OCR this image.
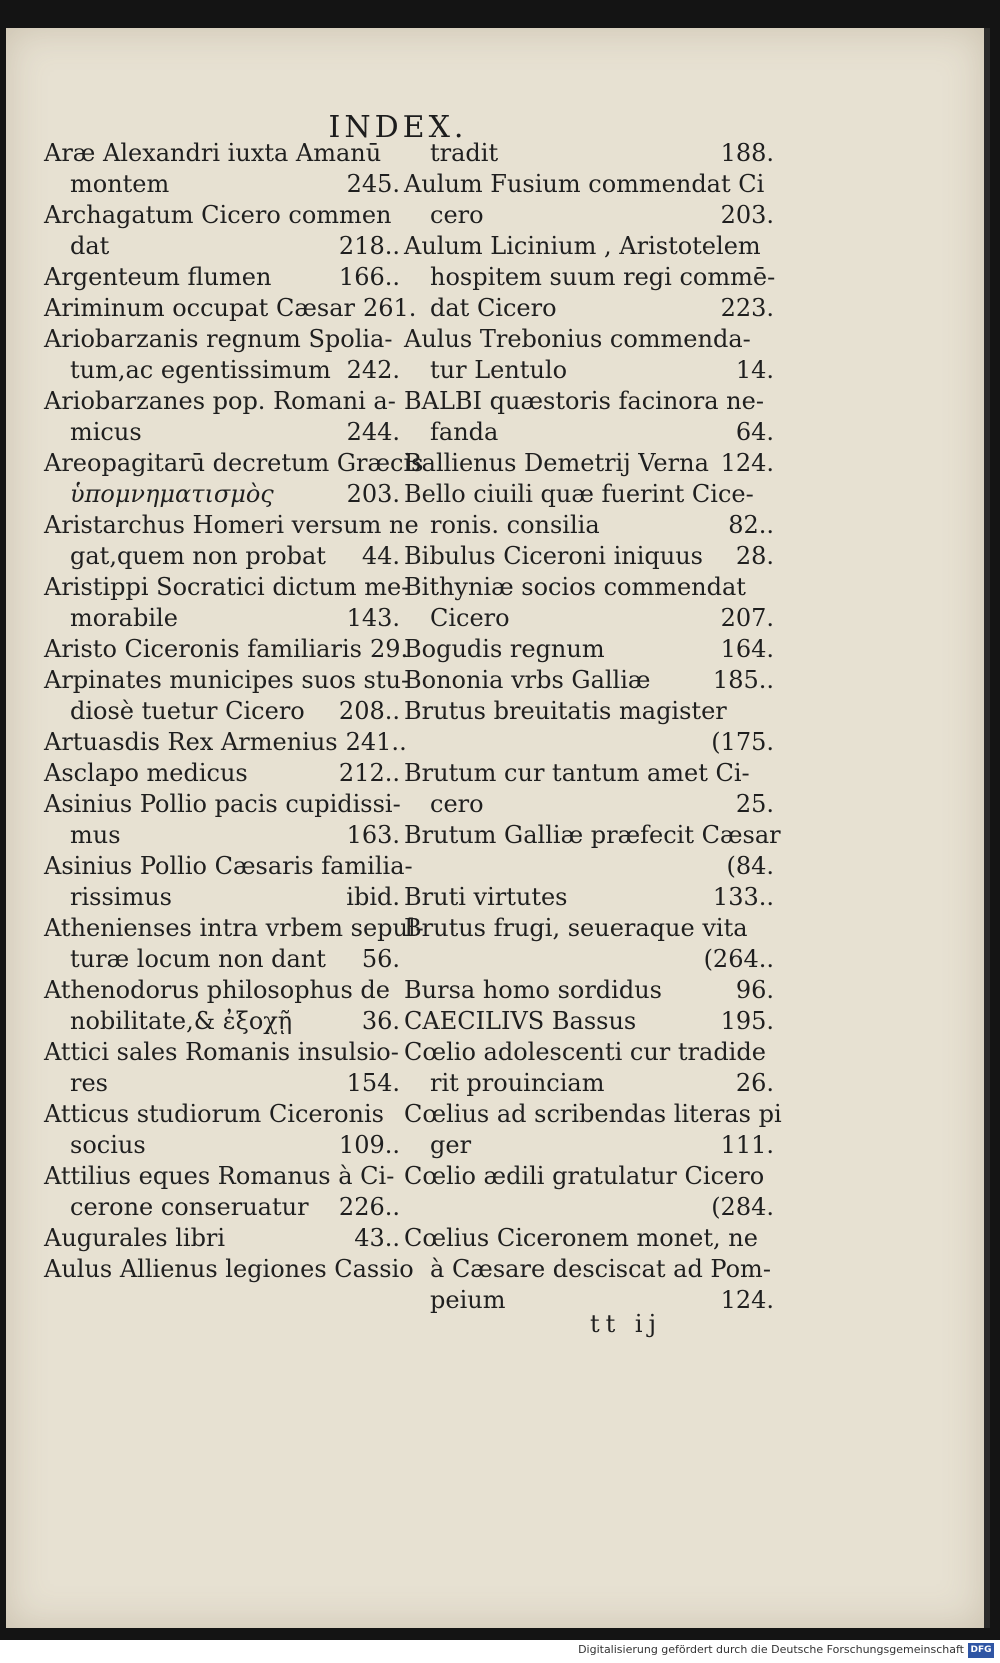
INDEX.
Aræ Alexandri iuxta Amanū
montem	245.
Archagatum Cicero commen
dat	218..
Argenteum flumen	166..
Ariminum occupat Cæsar 261.
Ariobarzanis regnum Spolia-
tum,ac egentissimum 242.
Ariobarzanes pop. Romani a-
micus	244.
Areopagitarū decretum Græcis
ὑπομνηματισμὸς	203.
Aristarchus Homeri versum ne
gat,quem non probat	44.
Aristippi Socratici dictum me-
morabile	143.
Aristo Ciceronis familiaris 29.
Arpinates municipes suos stu-
diosè tuetur Cicero	208..
Artuasdis Rex Armenius 241..
Asclapo medicus	212..
Asinius Pollio pacis cupidissi-
mus	163.
Asinius Pollio Cæsaris familia-
rissimus	ibid.
Athenienses intra vrbem sepul-
turæ locum non dant	56.
Athenodorus philosophus de
nobilitate,& ἐξοχῇ	36.
Attici sales Romanis insulsio-
res	154.
Atticus studiorum Ciceronis
socius	109..
Attilius eques Romanus à Ci-
cerone conseruatur	226..
Augurales libri	43..
Aulus Allienus legiones Cassio
tradit	188.
Aulum Fusium commendat Ci
cero	203.
Aulum Licinium , Aristotelem
hospitem suum regi commē-
dat Cicero	223.
Aulus Trebonius commenda-
tur Lentulo	14.
BALBI quæstoris facinora ne-
fanda	64.
Ballienus Demetrij Verna 124.
Bello ciuili quæ fuerint Cice-
ronis. consilia	82..
Bibulus Ciceroni iniquus	28.
Bithyniæ socios commendat
Cicero	207.
Bogudis regnum	164.
Bononia vrbs Galliæ	185..
Brutus breuitatis magister
(175.
Brutum cur tantum amet Ci-
cero	25.
Brutum Galliæ præfecit Cæsar
(84.
Bruti virtutes	133..
Brutus frugi, seueraque vita
(264..
Bursa homo sordidus	96.
CAECILIVS Bassus	195.
Cœlio adolescenti cur tradide
rit prouinciam	26.
Cœlius ad scribendas literas pi
ger	111.
Cœlio ædili gratulatur Cicero
(284.
Cœlius Ciceronem monet, ne
à Cæsare desciscat ad Pom-
peium	124.
tt ij
Digitalisierung gefördert durch die Deutsche Forschungsgemeinschaft DFG
